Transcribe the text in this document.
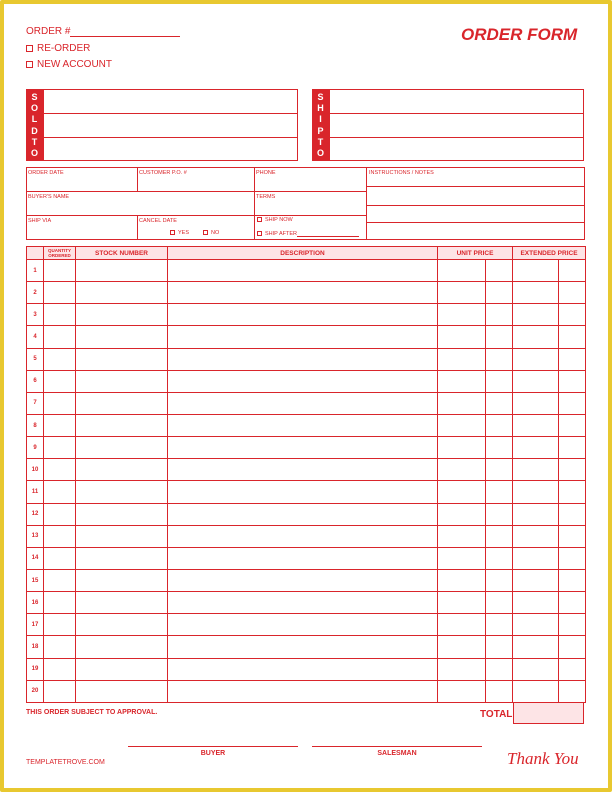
ORDER #
RE-ORDER
NEW ACCOUNT
ORDER FORM
S
O
L
D
T
O
S
H
I
P
T
O
ORDER DATE	CUSTOMER P.O. #	PHONE	INSTRUCTIONS / NOTES
BUYER'S NAME	TERMS
SHIP VIA	CANCEL DATE
YES	NO
SHIP NOW
SHIP AFTER
	QUANTITY ORDERED	STOCK NUMBER	DESCRIPTION	UNIT PRICE		EXTENDED PRICE	
1							
2							
3							
4							
5							
6							
7							
8							
9							
10							
11							
12							
13							
14							
15							
16							
17							
18							
19							
20							
THIS ORDER SUBJECT TO APPROVAL.	TOTAL
BUYER	SALESMAN
TEMPLATETROVE.COM	Thank You
